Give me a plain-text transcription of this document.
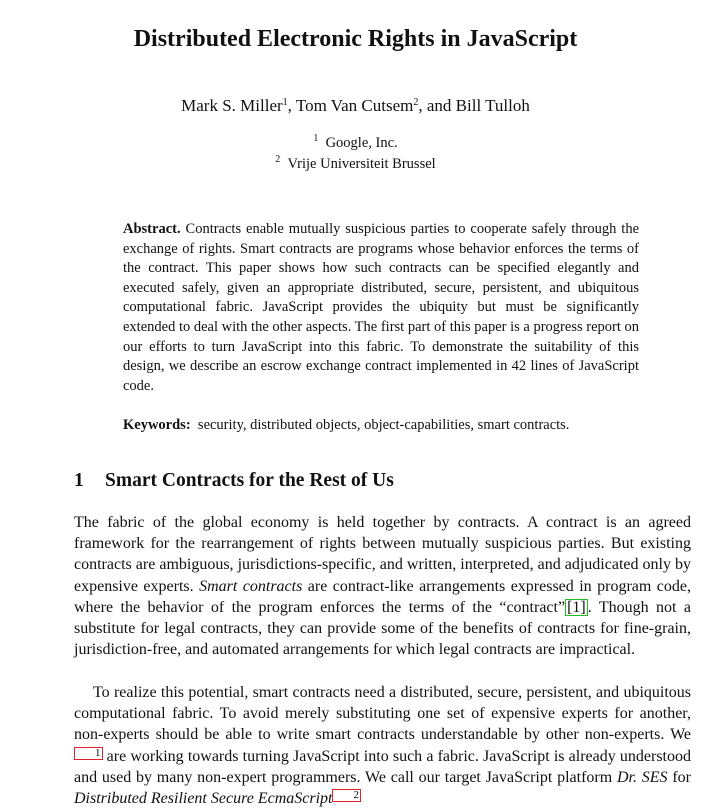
Distributed Electronic Rights in JavaScript
Mark S. Miller$^1$, Tom Van Cutsem$^2$, and Bill Tulloh
$^1$ Google, Inc.
$^2$ Vrije Universiteit Brussel
Abstract. Contracts enable mutually suspicious parties to cooperate safely through the exchange of rights. Smart contracts are programs whose behavior enforces the terms of the contract. This paper shows how such contracts can be specified elegantly and executed safely, given an appropriate distributed, secure, persistent, and ubiquitous computational fabric. JavaScript provides the ubiquity but must be significantly extended to deal with the other aspects. The first part of this paper is a progress report on our efforts to turn JavaScript into this fabric. To demonstrate the suitability of this design, we describe an escrow exchange contract implemented in 42 lines of JavaScript code.
Keywords: security, distributed objects, object-capabilities, smart contracts.
1 Smart Contracts for the Rest of Us
The fabric of the global economy is held together by contracts. A contract is an agreed framework for the rearrangement of rights between mutually suspicious parties. But existing contracts are ambiguous, jurisdictions-specific, and written, interpreted, and adjudicated only by expensive experts. Smart contracts are contract-like arrangements expressed in program code, where the behavior of the program enforces the terms of the “contract” [1] . Though not a substitute for legal contracts, they can provide some of the benefits of contracts for fine-grain, jurisdiction-free, and automated arrangements for which legal contracts are impractical.
To realize this potential, smart contracts need a distributed, secure, persistent, and ubiquitous computational fabric. To avoid merely substituting one set of expensive experts for another, non-experts should be able to write smart contracts understandable by other non-experts. We1 are working towards turning JavaScript into such a fabric. JavaScript is already understood and used by many non-expert programmers. We call our target JavaScript platform Dr. SES for Distributed Resilient Secure EcmaScript 2
